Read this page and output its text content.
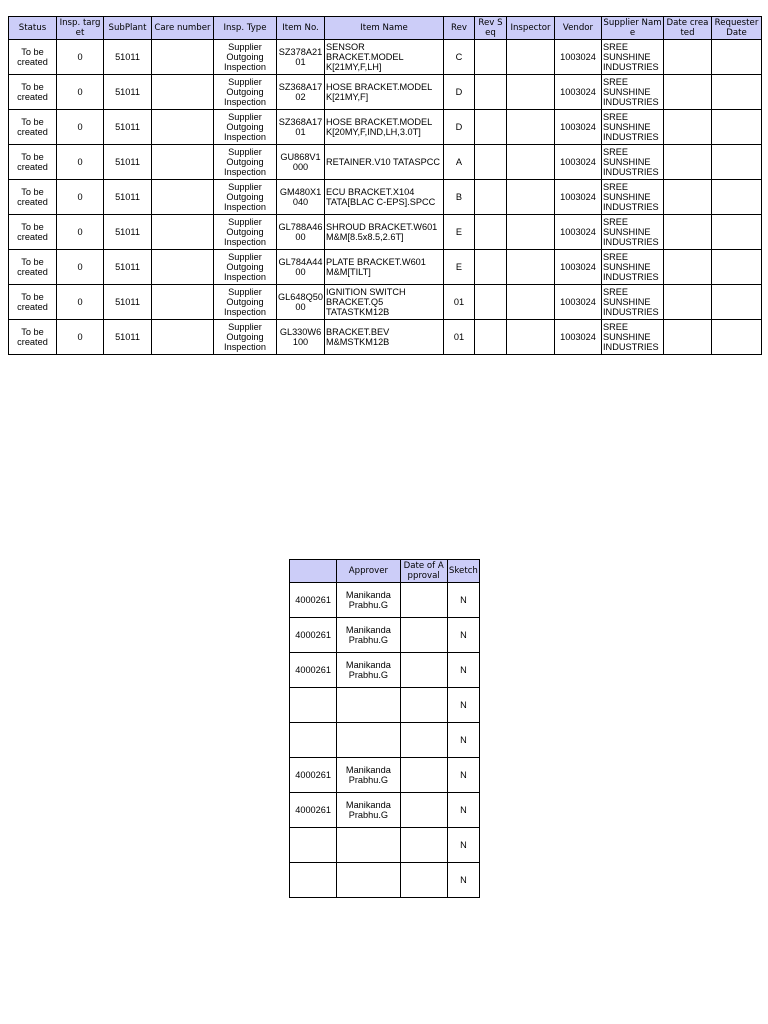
Status	Insp. target	SubPlant	Care number	Insp. Type	Item No.	Item Name	Rev	Rev Seq	Inspector	Vendor	Supplier Name	Date created	Requester Date
To be created	0	51011		Supplier Outgoing Inspection	SZ378A2101	SENSOR BRACKET.MODEL K[21MY,F,LH]	C			1003024	SREE SUNSHINE INDUSTRIES		
To be created	0	51011		Supplier Outgoing Inspection	SZ368A1702	HOSE BRACKET.MODEL K[21MY,F]	D			1003024	SREE SUNSHINE INDUSTRIES		
To be created	0	51011		Supplier Outgoing Inspection	SZ368A1701	HOSE BRACKET.MODEL K[20MY,F,IND,LH,3.0T]	D			1003024	SREE SUNSHINE INDUSTRIES		
To be created	0	51011		Supplier Outgoing Inspection	GU868V1000	RETAINER.V10 TATASPCC	A			1003024	SREE SUNSHINE INDUSTRIES		
To be created	0	51011		Supplier Outgoing Inspection	GM480X1040	ECU BRACKET.X104 TATA[BLAC C-EPS].SPCC	B			1003024	SREE SUNSHINE INDUSTRIES		
To be created	0	51011		Supplier Outgoing Inspection	GL788A4600	SHROUD BRACKET.W601 M&M[8.5x8.5,2.6T]	E			1003024	SREE SUNSHINE INDUSTRIES		
To be created	0	51011		Supplier Outgoing Inspection	GL784A4400	PLATE BRACKET.W601 M&M[TILT]	E			1003024	SREE SUNSHINE INDUSTRIES		
To be created	0	51011		Supplier Outgoing Inspection	GL648Q5000	IGNITION SWITCH BRACKET.Q5 TATASTKM12B	01			1003024	SREE SUNSHINE INDUSTRIES		
To be created	0	51011		Supplier Outgoing Inspection	GL330W6100	BRACKET.BEV M&MSTKM12B	01			1003024	SREE SUNSHINE INDUSTRIES		
	Approver	Date of Approval	Sketch
4000261	Manikanda Prabhu.G		N
4000261	Manikanda Prabhu.G		N
4000261	Manikanda Prabhu.G		N
			N
			N
4000261	Manikanda Prabhu.G		N
4000261	Manikanda Prabhu.G		N
			N
			N
